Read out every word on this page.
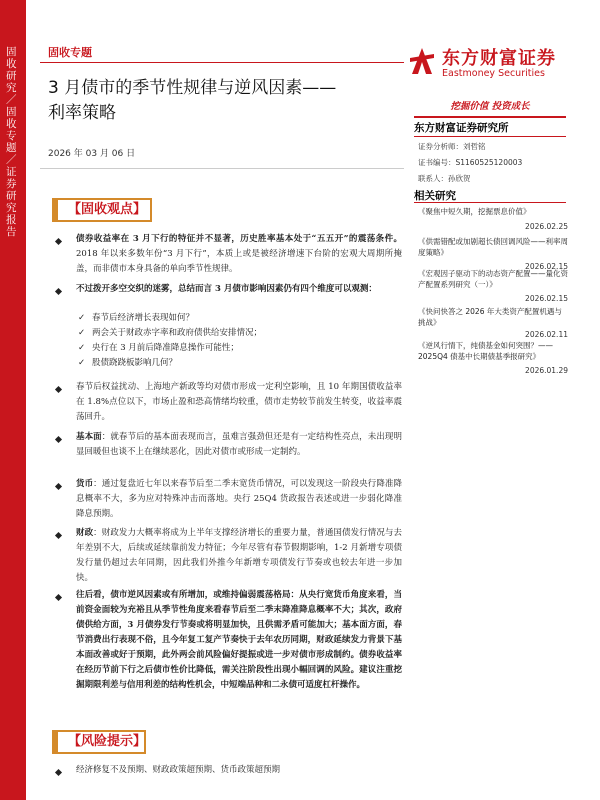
固收研究／固收专题／证券研究报告
固收专题
3 月债市的季节性规律与逆风因素——
利率策略
2026 年 03 月 06 日
东方财富证券
Eastmoney Securities
挖掘价值 投资成长
东方财富证券研究所
证券分析师：刘哲铭
证书编号：S1160525120003
联系人：孙欣贺
相关研究
《聚焦中短久期，挖掘票息价值》
2026.02.25
《供需错配或加剧超长债回调风险——利率周度策略》
2026.02.15
《宏观因子驱动下的动态资产配置——量化资产配置系列研究（一）》
2026.02.15
《快问快答之 2026 年大类资产配置机遇与挑战》
2026.02.11
《逆风行情下，纯债基金如何突围？——2025Q4 债基中长期债基季报研究》
2026.01.29
【固收观点】
债券收益率在 3 月下行的特征并不显著，历史胜率基本处于“五五开”的震荡条件。2018 年以来多数年份“3 月下行”，本质上或是被经济增速下台阶的宏观大周期所掩盖，而非债市本身具备的单向季节性规律。
不过拨开多空交织的迷雾，总结而言 3 月债市影响因素仍有四个维度可以观测：
✓ 春节后经济增长表现如何？
✓ 两会关于财政赤字率和政府债供给安排情况；
✓ 央行在 3 月前后降准降息操作可能性；
✓ 股债跷跷板影响几何？
春节后权益扰动、上海地产新政等均对债市形成一定利空影响，且 10 年期国债收益率在 1.8%点位以下，市场止盈和恐高情绪均较重，债市走势较节前发生转变，收益率震荡回升。
基本面：就春节后的基本面表现而言，虽难言强劲但还是有一定结构性亮点，未出现明显回暖但也谈不上在继续恶化，因此对债市或形成一定制约。
货币：通过复盘近七年以来春节后至二季末宽货币情况，可以发现这一阶段央行降准降息概率不大，多为应对特殊冲击而落地。央行 25Q4 货政报告表述或进一步弱化降准降息预期。
财政：财政发力大概率将成为上半年支撑经济增长的重要力量，普通国债发行情况与去年差别不大，后续或延续靠前发力特征；今年尽管有春节假期影响，1-2 月新增专项债发行量仍超过去年同期，因此我们外推今年新增专项债发行节奏或也较去年进一步加快。
往后看，债市逆风因素或有所增加，或维持偏弱震荡格局：从央行宽货币角度来看，当前资金面较为充裕且从季节性角度来看春节后至二季末降准降息概率不大；其次，政府债供给方面，3 月债券发行节奏或将明显加快，且供需矛盾可能加大；基本面方面，春节消费出行表现不俗，且今年复工复产节奏快于去年农历同期，财政延续发力背景下基本面改善或好于预期，此外两会前风险偏好提振或进一步对债市形成制约。债券收益率在经历节前下行之后债市性价比降低，需关注阶段性出现小幅回调的风险。建议注重挖掘期限利差与信用利差的结构性机会，中短端品种和二永债可适度杠杆操作。
【风险提示】
经济修复不及预期、财政政策超预期、货币政策超预期
